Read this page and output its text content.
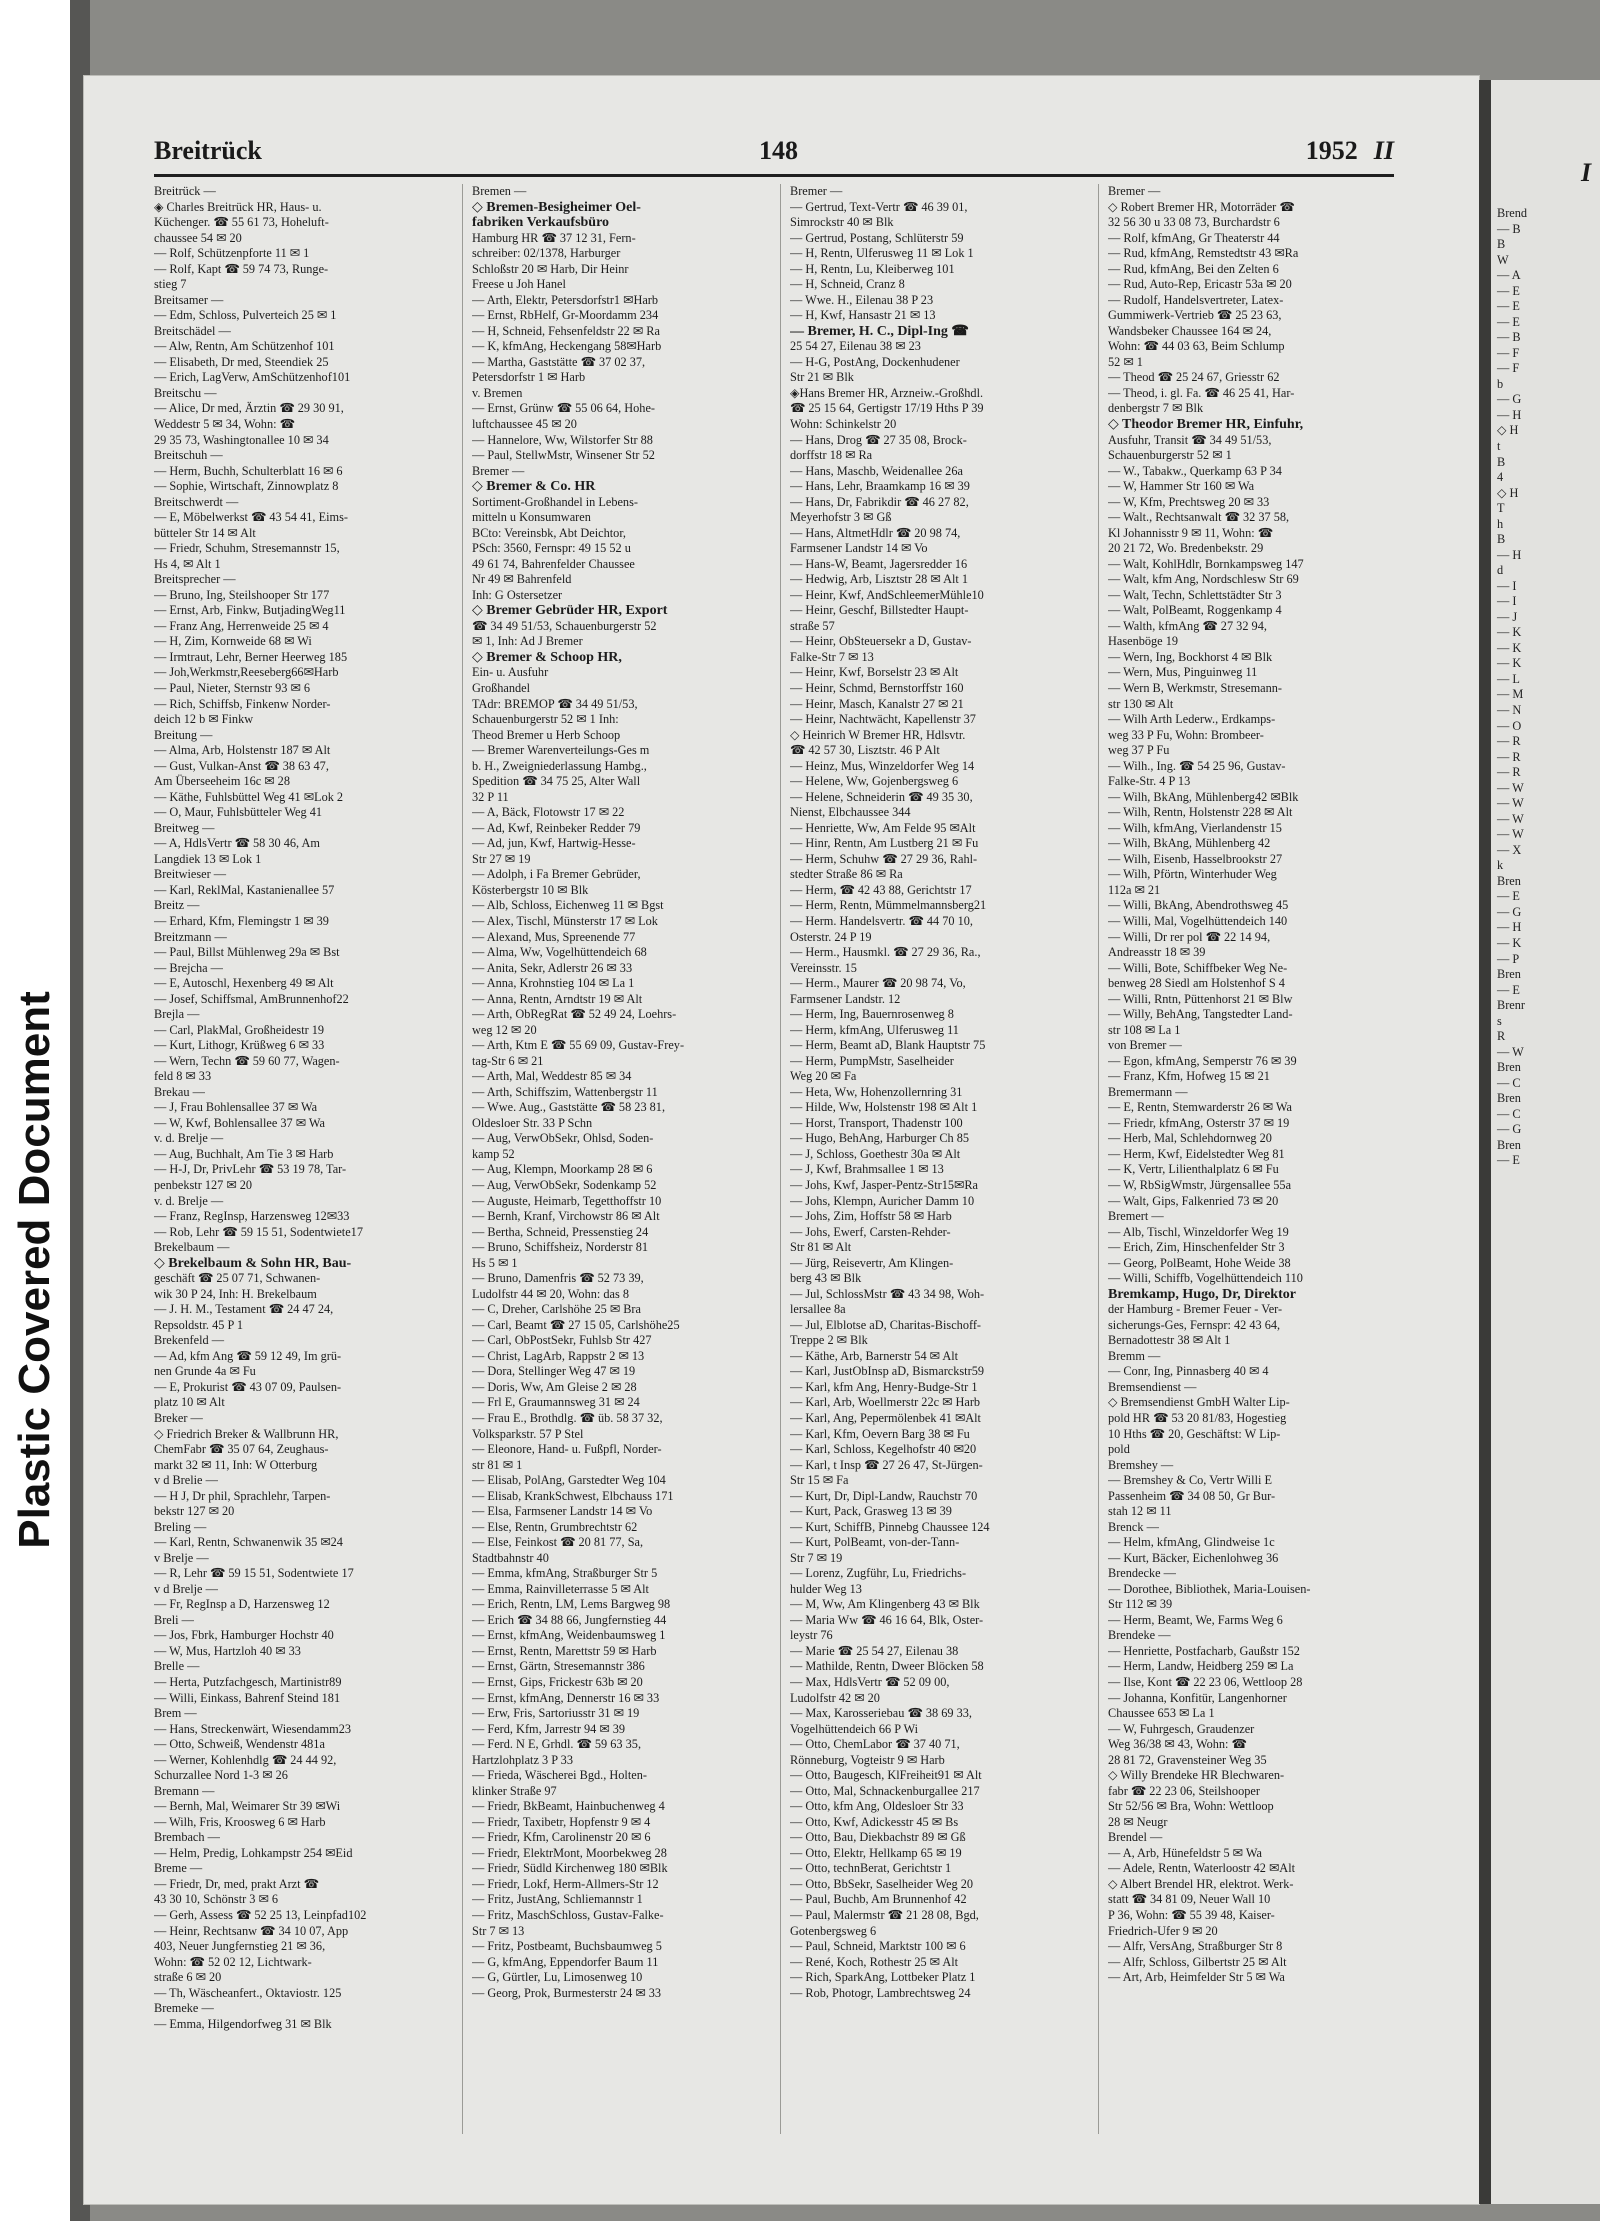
Plastic Covered Document
Breitrück	148	1952 II
Breitrück —
◈ Charles Breitrück HR, Haus- u.
Küchenger. ☎ 55 61 73, Hoheluft-
chaussee 54 ✉ 20
— Rolf, Schützenpforte 11 ✉ 1
— Rolf, Kapt ☎ 59 74 73, Runge-
stieg 7
Breitsamer —
— Edm, Schloss, Pulverteich 25 ✉ 1
Breitschädel —
— Alw, Rentn, Am Schützenhof 101
— Elisabeth, Dr med, Steendiek 25
— Erich, LagVerw, AmSchützenhof101
Breitschu —
— Alice, Dr med, Ärztin ☎ 29 30 91,
Weddestr 5 ✉ 34, Wohn: ☎
29 35 73, Washingtonallee 10 ✉ 34
Breitschuh —
— Herm, Buchh, Schulterblatt 16 ✉ 6
— Sophie, Wirtschaft, Zinnowplatz 8
Breitschwerdt —
— E, Möbelwerkst ☎ 43 54 41, Eims-
bütteler Str 14 ✉ Alt
— Friedr, Schuhm, Stresemannstr 15,
Hs 4, ✉ Alt 1
Breitsprecher —
— Bruno, Ing, Steilshooper Str 177
— Ernst, Arb, Finkw, ButjadingWeg11
— Franz Ang, Herrenweide 25 ✉ 4
— H, Zim, Kornweide 68 ✉ Wi
— Irmtraut, Lehr, Berner Heerweg 185
— Joh,Werkmstr,Reeseberg66✉Harb
— Paul, Nieter, Sternstr 93 ✉ 6
— Rich, Schiffsb, Finkenw Norder-
deich 12 b ✉ Finkw
Breitung —
— Alma, Arb, Holstenstr 187 ✉ Alt
— Gust, Vulkan-Anst ☎ 38 63 47,
Am Überseeheim 16c ✉ 28
— Käthe, Fuhlsbüttel Weg 41 ✉Lok 2
— O, Maur, Fuhlsbütteler Weg 41
Breitweg —
— A, HdlsVertr ☎ 58 30 46, Am
Langdiek 13 ✉ Lok 1
Breitwieser —
— Karl, ReklMal, Kastanienallee 57
Breitz —
— Erhard, Kfm, Flemingstr 1 ✉ 39
Breitzmann —
— Paul, Billst Mühlenweg 29a ✉ Bst
— Brejcha —
— E, Autoschl, Hexenberg 49 ✉ Alt
— Josef, Schiffsmal, AmBrunnenhof22
Brejla —
— Carl, PlakMal, Großheidestr 19
— Kurt, Lithogr, Krüßweg 6 ✉ 33
— Wern, Techn ☎ 59 60 77, Wagen-
feld 8 ✉ 33
Brekau —
— J, Frau Bohlensallee 37 ✉ Wa
— W, Kwf, Bohlensallee 37 ✉ Wa
v. d. Brelje —
— Aug, Buchhalt, Am Tie 3 ✉ Harb
— H-J, Dr, PrivLehr ☎ 53 19 78, Tar-
penbekstr 127 ✉ 20
v. d. Brelje —
— Franz, RegInsp, Harzensweg 12✉33
— Rob, Lehr ☎ 59 15 51, Sodentwiete17
Brekelbaum —
◇ Brekelbaum & Sohn HR, Bau-
geschäft ☎ 25 07 71, Schwanen-
wik 30 P 24, Inh: H. Brekelbaum
— J. H. M., Testament ☎ 24 47 24,
Repsoldstr. 45 P 1
Brekenfeld —
— Ad, kfm Ang ☎ 59 12 49, Im grü-
nen Grunde 4a ✉ Fu
— E, Prokurist ☎ 43 07 09, Paulsen-
platz 10 ✉ Alt
Breker —
◇ Friedrich Breker & Wallbrunn HR,
ChemFabr ☎ 35 07 64, Zeughaus-
markt 32 ✉ 11, Inh: W Otterburg
v d Brelie —
— H J, Dr phil, Sprachlehr, Tarpen-
bekstr 127 ✉ 20
Breling —
— Karl, Rentn, Schwanenwik 35 ✉24
v Brelje —
— R, Lehr ☎ 59 15 51, Sodentwiete 17
v d Brelje —
— Fr, RegInsp a D, Harzensweg 12
Breli —
— Jos, Fbrk, Hamburger Hochstr 40
— W, Mus, Hartzloh 40 ✉ 33
Brelle —
— Herta, Putzfachgesch, Martinistr89
— Willi, Einkass, Bahrenf Steind 181
Brem —
— Hans, Streckenwärt, Wiesendamm23
— Otto, Schweiß, Wendenstr 481a
— Werner, Kohlenhdlg ☎ 24 44 92,
Schurzallee Nord 1-3 ✉ 26
Bremann —
— Bernh, Mal, Weimarer Str 39 ✉Wi
— Wilh, Fris, Kroosweg 6 ✉ Harb
Brembach —
— Helm, Predig, Lohkampstr 254 ✉Eid
Breme —
— Friedr, Dr, med, prakt Arzt ☎
43 30 10, Schönstr 3 ✉ 6
— Gerh, Assess ☎ 52 25 13, Leinpfad102
— Heinr, Rechtsanw ☎ 34 10 07, App
403, Neuer Jungfernstieg 21 ✉ 36,
Wohn: ☎ 52 02 12, Lichtwark-
straße 6 ✉ 20
— Th, Wäscheanfert., Oktaviostr. 125
Bremeke —
— Emma, Hilgendorfweg 31 ✉ Blk
Bremen —
◇ Bremen-Besigheimer Oel-
fabriken Verkaufsbüro
Hamburg HR ☎ 37 12 31, Fern-
schreiber: 02/1378, Harburger
Schloßstr 20 ✉ Harb, Dir Heinr
Freese u Joh Hanel
— Arth, Elektr, Petersdorfstr1 ✉Harb
— Ernst, RbHelf, Gr-Moordamm 234
— H, Schneid, Fehsenfeldstr 22 ✉ Ra
— K, kfmAng, Heckengang 58✉Harb
— Martha, Gaststätte ☎ 37 02 37,
Petersdorfstr 1 ✉ Harb
v. Bremen
— Ernst, Grünw ☎ 55 06 64, Hohe-
luftchaussee 45 ✉ 20
— Hannelore, Ww, Wilstorfer Str 88
— Paul, StellwMstr, Winsener Str 52
Bremer —
◇ Bremer & Co. HR
Sortiment-Großhandel in Lebens-
mitteln u Konsumwaren
BCto: Vereinsbk, Abt Deichtor,
PSch: 3560, Fernspr: 49 15 52 u
49 61 74, Bahrenfelder Chaussee
Nr 49 ✉ Bahrenfeld
Inh: G Ostersetzer
◇ Bremer Gebrüder HR, Export
☎ 34 49 51/53, Schauenburgerstr 52
✉ 1, Inh: Ad J Bremer
◇ Bremer & Schoop HR,
Ein- u. Ausfuhr
Großhandel
TAdr: BREMOP ☎ 34 49 51/53,
Schauenburgerstr 52 ✉ 1 Inh:
Theod Bremer u Herb Schoop
— Bremer Warenverteilungs-Ges m
b. H., Zweigniederlassung Hambg.,
Spedition ☎ 34 75 25, Alter Wall
32 P 11
— A, Bäck, Flotowstr 17 ✉ 22
— Ad, Kwf, Reinbeker Redder 79
— Ad, jun, Kwf, Hartwig-Hesse-
Str 27 ✉ 19
— Adolph, i Fa Bremer Gebrüder,
Kösterbergstr 10 ✉ Blk
— Alb, Schloss, Eichenweg 11 ✉ Bgst
— Alex, Tischl, Münsterstr 17 ✉ Lok
— Alexand, Mus, Spreenende 77
— Alma, Ww, Vogelhüttendeich 68
— Anita, Sekr, Adlerstr 26 ✉ 33
— Anna, Krohnstieg 104 ✉ La 1
— Anna, Rentn, Arndtstr 19 ✉ Alt
— Arth, ObRegRat ☎ 52 49 24, Loehrs-
weg 12 ✉ 20
— Arth, Ktm E ☎ 55 69 09, Gustav-Frey-
tag-Str 6 ✉ 21
— Arth, Mal, Weddestr 85 ✉ 34
— Arth, Schiffszim, Wattenbergstr 11
— Wwe. Aug., Gaststätte ☎ 58 23 81,
Oldesloer Str. 33 P Schn
— Aug, VerwObSekr, Ohlsd, Soden-
kamp 52
— Aug, Klempn, Moorkamp 28 ✉ 6
— Aug, VerwObSekr, Sodenkamp 52
— Auguste, Heimarb, Tegetthoffstr 10
— Bernh, Kranf, Virchowstr 86 ✉ Alt
— Bertha, Schneid, Pressenstieg 24
— Bruno, Schiffsheiz, Norderstr 81
Hs 5 ✉ 1
— Bruno, Damenfris ☎ 52 73 39,
Ludolfstr 44 ✉ 20, Wohn: das 8
— C, Dreher, Carlshöhe 25 ✉ Bra
— Carl, Beamt ☎ 27 15 05, Carlshöhe25
— Carl, ObPostSekr, Fuhlsb Str 427
— Christ, LagArb, Rappstr 2 ✉ 13
— Dora, Stellinger Weg 47 ✉ 19
— Doris, Ww, Am Gleise 2 ✉ 28
— Frl E, Graumannsweg 31 ✉ 24
— Frau E., Brothdlg. ☎ üb. 58 37 32,
Volksparkstr. 57 P Stel
— Eleonore, Hand- u. Fußpfl, Norder-
str 81 ✉ 1
— Elisab, PolAng, Garstedter Weg 104
— Elisab, KrankSchwest, Elbchauss 171
— Elsa, Farmsener Landstr 14 ✉ Vo
— Else, Rentn, Grumbrechtstr 62
— Else, Feinkost ☎ 20 81 77, Sa,
Stadtbahnstr 40
— Emma, kfmAng, Straßburger Str 5
— Emma, Rainvilleterrasse 5 ✉ Alt
— Erich, Rentn, LM, Lems Bargweg 98
— Erich ☎ 34 88 66, Jungfernstieg 44
— Ernst, kfmAng, Weidenbaumsweg 1
— Ernst, Rentn, Marettstr 59 ✉ Harb
— Ernst, Gärtn, Stresemannstr 386
— Ernst, Gips, Frickestr 63b ✉ 20
— Ernst, kfmAng, Dennerstr 16 ✉ 33
— Erw, Fris, Sartoriusstr 31 ✉ 19
— Ferd, Kfm, Jarrestr 94 ✉ 39
— Ferd. N E, Grhdl. ☎ 59 63 35,
Hartzlohplatz 3 P 33
— Frieda, Wäscherei Bgd., Holten-
klinker Straße 97
— Friedr, BkBeamt, Hainbuchenweg 4
— Friedr, Taxibetr, Hopfenstr 9 ✉ 4
— Friedr, Kfm, Carolinenstr 20 ✉ 6
— Friedr, ElektrMont, Moorbekweg 28
— Friedr, Südld Kirchenweg 180 ✉Blk
— Friedr, Lokf, Herm-Allmers-Str 12
— Fritz, JustAng, Schliemannstr 1
— Fritz, MaschSchloss, Gustav-Falke-
Str 7 ✉ 13
— Fritz, Postbeamt, Buchsbaumweg 5
— G, kfmAng, Eppendorfer Baum 11
— G, Gürtler, Lu, Limosenweg 10
— Georg, Prok, Burmesterstr 24 ✉ 33
Bremer —
— Gertrud, Text-Vertr ☎ 46 39 01,
Simrockstr 40 ✉ Blk
— Gertrud, Postang, Schlüterstr 59
— H, Rentn, Ulferusweg 11 ✉ Lok 1
— H, Rentn, Lu, Kleiberweg 101
— H, Schneid, Cranz 8
— Wwe. H., Eilenau 38 P 23
— H, Kwf, Hansastr 21 ✉ 13
— Bremer, H. C., Dipl-Ing ☎
25 54 27, Eilenau 38 ✉ 23
— H-G, PostAng, Dockenhudener
Str 21 ✉ Blk
◈Hans Bremer HR, Arzneiw.-Großhdl.
☎ 25 15 64, Gertigstr 17/19 Hths P 39
Wohn: Schinkelstr 20
— Hans, Drog ☎ 27 35 08, Brock-
dorffstr 18 ✉ Ra
— Hans, Maschb, Weidenallee 26a
— Hans, Lehr, Braamkamp 16 ✉ 39
— Hans, Dr, Fabrikdir ☎ 46 27 82,
Meyerhofstr 3 ✉ Gß
— Hans, AltmetHdlr ☎ 20 98 74,
Farmsener Landstr 14 ✉ Vo
— Hans-W, Beamt, Jagersredder 16
— Hedwig, Arb, Lisztstr 28 ✉ Alt 1
— Heinr, Kwf, AndSchleemerMühle10
— Heinr, Geschf, Billstedter Haupt-
straße 57
— Heinr, ObSteuersekr a D, Gustav-
Falke-Str 7 ✉ 13
— Heinr, Kwf, Borselstr 23 ✉ Alt
— Heinr, Schmd, Bernstorffstr 160
— Heinr, Masch, Kanalstr 27 ✉ 21
— Heinr, Nachtwächt, Kapellenstr 37
◇ Heinrich W Bremer HR, Hdlsvtr.
☎ 42 57 30, Lisztstr. 46 P Alt
— Heinz, Mus, Winzeldorfer Weg 14
— Helene, Ww, Gojenbergsweg 6
— Helene, Schneiderin ☎ 49 35 30,
Nienst, Elbchaussee 344
— Henriette, Ww, Am Felde 95 ✉Alt
— Hinr, Rentn, Am Lustberg 21 ✉ Fu
— Herm, Schuhw ☎ 27 29 36, Rahl-
stedter Straße 86 ✉ Ra
— Herm, ☎ 42 43 88, Gerichtstr 17
— Herm, Rentn, Mümmelmannsberg21
— Herm. Handelsvertr. ☎ 44 70 10,
Osterstr. 24 P 19
— Herm., Hausmkl. ☎ 27 29 36, Ra.,
Vereinsstr. 15
— Herm., Maurer ☎ 20 98 74, Vo,
Farmsener Landstr. 12
— Herm, Ing, Bauernrosenweg 8
— Herm, kfmAng, Ulferusweg 11
— Herm, Beamt aD, Blank Hauptstr 75
— Herm, PumpMstr, Saselheider
Weg 20 ✉ Fa
— Heta, Ww, Hohenzollernring 31
— Hilde, Ww, Holstenstr 198 ✉ Alt 1
— Horst, Transport, Thadenstr 100
— Hugo, BehAng, Harburger Ch 85
— J, Schloss, Goethestr 30a ✉ Alt
— J, Kwf, Brahmsallee 1 ✉ 13
— Johs, Kwf, Jasper-Pentz-Str15✉Ra
— Johs, Klempn, Auricher Damm 10
— Johs, Zim, Hoffstr 58 ✉ Harb
— Johs, Ewerf, Carsten-Rehder-
Str 81 ✉ Alt
— Jürg, Reisevertr, Am Klingen-
berg 43 ✉ Blk
— Jul, SchlossMstr ☎ 43 34 98, Woh-
lersallee 8a
— Jul, Elblotse aD, Charitas-Bischoff-
Treppe 2 ✉ Blk
— Käthe, Arb, Barnerstr 54 ✉ Alt
— Karl, JustObInsp aD, Bismarckstr59
— Karl, kfm Ang, Henry-Budge-Str 1
— Karl, Arb, Woellmerstr 22c ✉ Harb
— Karl, Ang, Pepermölenbek 41 ✉Alt
— Karl, Kfm, Oevern Barg 38 ✉ Fu
— Karl, Schloss, Kegelhofstr 40 ✉20
— Karl, t Insp ☎ 27 26 47, St-Jürgen-
Str 15 ✉ Fa
— Kurt, Dr, Dipl-Landw, Rauchstr 70
— Kurt, Pack, Grasweg 13 ✉ 39
— Kurt, SchiffB, Pinnebg Chaussee 124
— Kurt, PolBeamt, von-der-Tann-
Str 7 ✉ 19
— Lorenz, Zugführ, Lu, Friedrichs-
hulder Weg 13
— M, Ww, Am Klingenberg 43 ✉ Blk
— Maria Ww ☎ 46 16 64, Blk, Oster-
leystr 76
— Marie ☎ 25 54 27, Eilenau 38
— Mathilde, Rentn, Dweer Blöcken 58
— Max, HdlsVertr ☎ 52 09 00,
Ludolfstr 42 ✉ 20
— Max, Karosseriebau ☎ 38 69 33,
Vogelhüttendeich 66 P Wi
— Otto, ChemLabor ☎ 37 40 71,
Rönneburg, Vogteistr 9 ✉ Harb
— Otto, Baugesch, KlFreiheit91 ✉ Alt
— Otto, Mal, Schnackenburgallee 217
— Otto, kfm Ang, Oldesloer Str 33
— Otto, Kwf, Adickesstr 45 ✉ Bs
— Otto, Bau, Diekbachstr 89 ✉ Gß
— Otto, Elektr, Hellkamp 65 ✉ 19
— Otto, technBerat, Gerichtstr 1
— Otto, BbSekr, Saselheider Weg 20
— Paul, Buchb, Am Brunnenhof 42
— Paul, Malermstr ☎ 21 28 08, Bgd,
Gotenbergsweg 6
— Paul, Schneid, Marktstr 100 ✉ 6
— René, Koch, Rothestr 25 ✉ Alt
— Rich, SparkAng, Lottbeker Platz 1
— Rob, Photogr, Lambrechtsweg 24
Bremer —
◇ Robert Bremer HR, Motorräder ☎
32 56 30 u 33 08 73, Burchardstr 6
— Rolf, kfmAng, Gr Theaterstr 44
— Rud, kfmAng, Remstedtstr 43 ✉Ra
— Rud, kfmAng, Bei den Zelten 6
— Rud, Auto-Rep, Ericastr 53a ✉ 20
— Rudolf, Handelsvertreter, Latex-
Gummiwerk-Vertrieb ☎ 25 23 63,
Wandsbeker Chaussee 164 ✉ 24,
Wohn: ☎ 44 03 63, Beim Schlump
52 ✉ 1
— Theod ☎ 25 24 67, Griesstr 62
— Theod, i. gl. Fa. ☎ 46 25 41, Har-
denbergstr 7 ✉ Blk
◇ Theodor Bremer HR, Einfuhr,
Ausfuhr, Transit ☎ 34 49 51/53,
Schauenburgerstr 52 ✉ 1
— W., Tabakw., Querkamp 63 P 34
— W, Hammer Str 160 ✉ Wa
— W, Kfm, Prechtsweg 20 ✉ 33
— Walt., Rechtsanwalt ☎ 32 37 58,
Kl Johannisstr 9 ✉ 11, Wohn: ☎
20 21 72, Wo. Bredenbekstr. 29
— Walt, KohlHdlr, Bornkampsweg 147
— Walt, kfm Ang, Nordschlesw Str 69
— Walt, Techn, Schlettstädter Str 3
— Walt, PolBeamt, Roggenkamp 4
— Walth, kfmAng ☎ 27 32 94,
Hasenböge 19
— Wern, Ing, Bockhorst 4 ✉ Blk
— Wern, Mus, Pinguinweg 11
— Wern B, Werkmstr, Stresemann-
str 130 ✉ Alt
— Wilh Arth Lederw., Erdkamps-
weg 33 P Fu, Wohn: Brombeer-
weg 37 P Fu
— Wilh., Ing. ☎ 54 25 96, Gustav-
Falke-Str. 4 P 13
— Wilh, BkAng, Mühlenberg42 ✉Blk
— Wilh, Rentn, Holstenstr 228 ✉ Alt
— Wilh, kfmAng, Vierlandenstr 15
— Wilh, BkAng, Mühlenberg 42
— Wilh, Eisenb, Hasselbrookstr 27
— Wilh, Pförtn, Winterhuder Weg
112a ✉ 21
— Willi, BkAng, Abendrothsweg 45
— Willi, Mal, Vogelhüttendeich 140
— Willi, Dr rer pol ☎ 22 14 94,
Andreasstr 18 ✉ 39
— Willi, Bote, Schiffbeker Weg Ne-
benweg 28 Siedl am Holstenhof S 4
— Willi, Rntn, Püttenhorst 21 ✉ Blw
— Willy, BehAng, Tangstedter Land-
str 108 ✉ La 1
von Bremer —
— Egon, kfmAng, Semperstr 76 ✉ 39
— Franz, Kfm, Hofweg 15 ✉ 21
Bremermann —
— E, Rentn, Stemwarderstr 26 ✉ Wa
— Friedr, kfmAng, Osterstr 37 ✉ 19
— Herb, Mal, Schlehdornweg 20
— Herm, Kwf, Eidelstedter Weg 81
— K, Vertr, Lilienthalplatz 6 ✉ Fu
— W, RbSigWmstr, Jürgensallee 55a
— Walt, Gips, Falkenried 73 ✉ 20
Bremert —
— Alb, Tischl, Winzeldorfer Weg 19
— Erich, Zim, Hinschenfelder Str 3
— Georg, PolBeamt, Hohe Weide 38
— Willi, Schiffb, Vogelhüttendeich 110
Bremkamp, Hugo, Dr, Direktor
der Hamburg - Bremer Feuer - Ver-
sicherungs-Ges, Fernspr: 42 43 64,
Bernadottestr 38 ✉ Alt 1
Bremm —
— Conr, Ing, Pinnasberg 40 ✉ 4
Bremsendienst —
◇ Bremsendienst GmbH Walter Lip-
pold HR ☎ 53 20 81/83, Hogestieg
10 Hths ☎ 20, Geschäftst: W Lip-
pold
Bremshey —
— Bremshey & Co, Vertr Willi E
Passenheim ☎ 34 08 50, Gr Bur-
stah 12 ✉ 11
Brenck —
— Helm, kfmAng, Glindweise 1c
— Kurt, Bäcker, Eichenlohweg 36
Brendecke —
— Dorothee, Bibliothek, Maria-Louisen-
Str 112 ✉ 39
— Herm, Beamt, We, Farms Weg 6
Brendeke —
— Henriette, Postfacharb, Gaußstr 152
— Herm, Landw, Heidberg 259 ✉ La
— Ilse, Kont ☎ 22 23 06, Wettloop 28
— Johanna, Konfitür, Langenhorner
Chaussee 653 ✉ La 1
— W, Fuhrgesch, Graudenzer
Weg 36/38 ✉ 43, Wohn: ☎
28 81 72, Gravensteiner Weg 35
◇ Willy Brendeke HR Blechwaren-
fabr ☎ 22 23 06, Steilshooper
Str 52/56 ✉ Bra, Wohn: Wettloop
28 ✉ Neugr
Brendel —
— A, Arb, Hünefeldstr 5 ✉ Wa
— Adele, Rentn, Waterloostr 42 ✉Alt
◇ Albert Brendel HR, elektrot. Werk-
statt ☎ 34 81 09, Neuer Wall 10
P 36, Wohn: ☎ 55 39 48, Kaiser-
Friedrich-Ufer 9 ✉ 20
— Alfr, VersAng, Straßburger Str 8
— Alfr, Schloss, Gilbertstr 25 ✉ Alt
— Art, Arb, Heimfelder Str 5 ✉ Wa
I
Brend
— B
B
W
— A
— E
— E
— E
— B
— F
— F
b
— G
— H
◇ H
t
B
4
◇ H
T
h
B
— H
d
— I
— I
— J
— K
— K
— K
— L
— M
— N
— O
— R
— R
— R
— W
— W
— W
— W
— X
k
Bren
— E
— G
— H
— K
— P
Bren
— E
Brenr
s
R
— W
Bren
— C
Bren
— C
— G
Bren
— E
